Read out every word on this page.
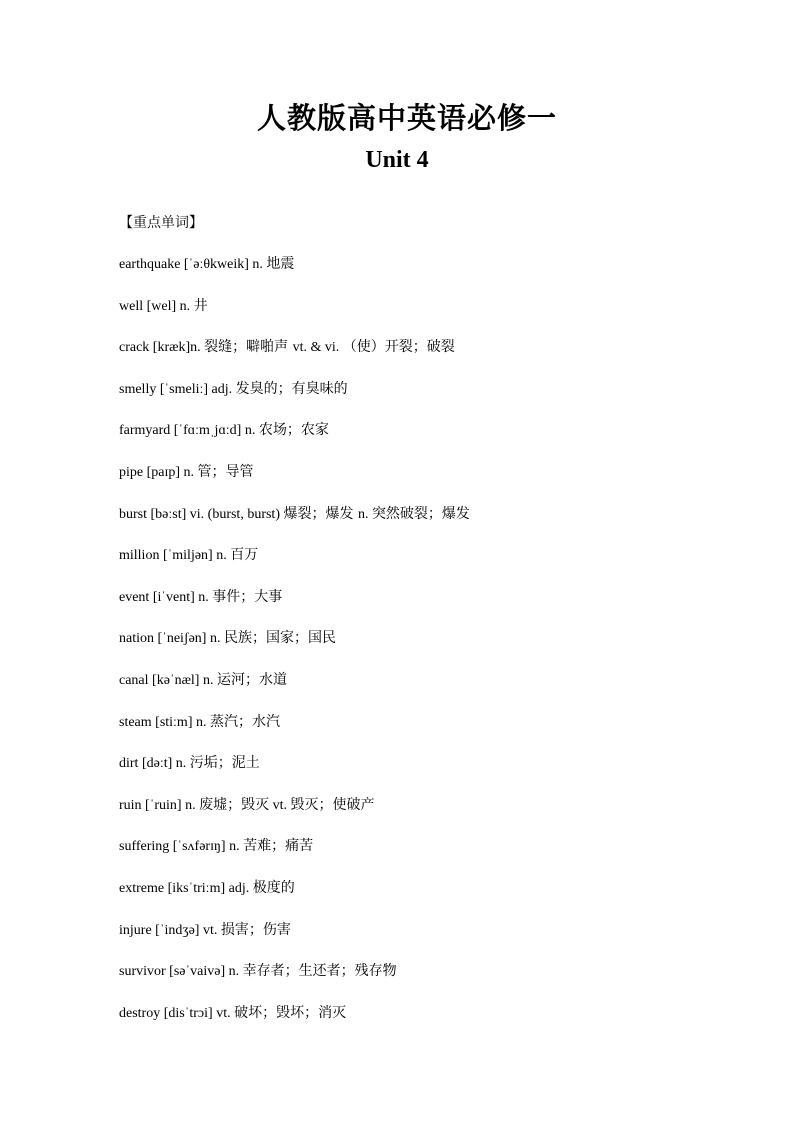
人教版高中英语必修一
Unit 4
【重点单词】
earthquake [ˈəːθkweik] n. 地震
well [wel] n. 井
crack [kræk]n. 裂缝；噼啪声 vt. & vi. （使）开裂；破裂
smelly [ˈsmeliː] adj. 发臭的；有臭味的
farmyard [ˈfɑːmˌjɑːd] n. 农场；农家
pipe [paɪp] n. 管；导管
burst [bəːst] vi. (burst, burst) 爆裂；爆发 n. 突然破裂；爆发
million [ˈmiljən] n. 百万
event [iˈvent] n. 事件；大事
nation [ˈneiʃən] n. 民族；国家；国民
canal [kəˈnæl] n. 运河；水道
steam [stiːm] n. 蒸汽；水汽
dirt [dəːt] n. 污垢；泥土
ruin [ˈruin] n. 废墟；毁灭 vt. 毁灭；使破产
suffering [ˈsʌfərɪŋ] n. 苦难；痛苦
extreme [iksˈtriːm] adj. 极度的
injure [ˈindʒə] vt. 损害；伤害
survivor [səˈvaivə] n. 幸存者；生还者；残存物
destroy [disˈtrɔi] vt. 破坏；毁坏；消灭
